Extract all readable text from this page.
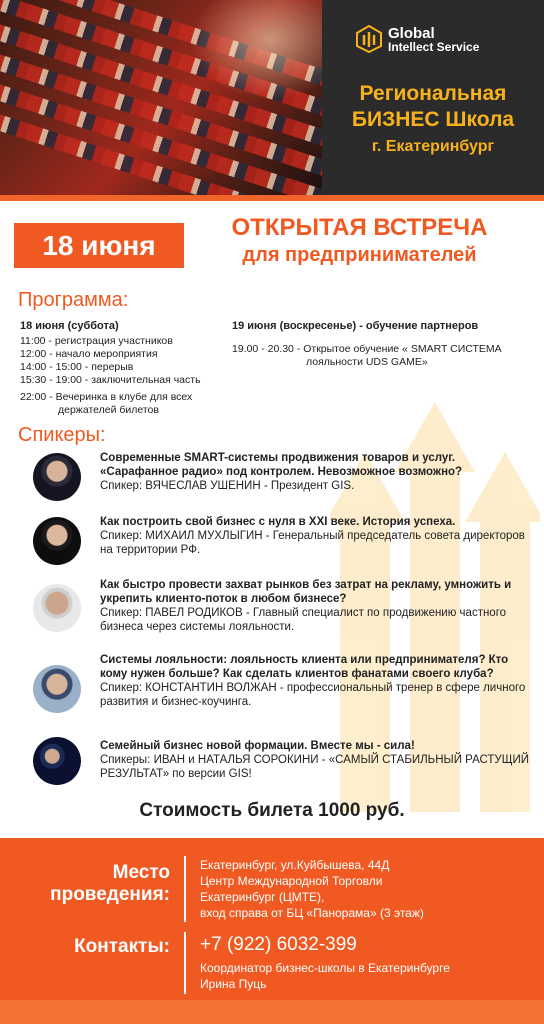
Global
Intellect Service
Региональная
БИЗНЕС Школа
г. Екатеринбург
18 июня
ОТКРЫТАЯ ВСТРЕЧА
для предпринимателей
Программа:
18 июня (суббота)
11:00 - регистрация участников
12:00 - начало мероприятия
14:00 - 15:00 - перерыв
15:30 - 19:00 - заключительная часть
22:00 - Вечеринка в клубе для всех держателей билетов
19 июня (воскресенье) - обучение партнеров
19.00 - 20.30 - Открытое обучение « SMART СИСТЕМА лояльности UDS GAME»
Спикеры:
Современные SMART-системы продвижения товаров и услуг. «Сарафанное радио» под контролем. Невозможное возможно?
Спикер: ВЯЧЕСЛАВ УШЕНИН - Президент GIS.
Как построить свой бизнес с нуля в XXI веке. История успеха.
Спикер: МИХАИЛ МУХЛЫГИН - Генеральный председатель совета директоров на территории РФ.
Как быстро провести захват рынков без затрат на рекламу, умножить и укрепить клиенто-поток в любом бизнесе?
Спикер: ПАВЕЛ РОДИКОВ - Главный специалист по продвижению частного бизнеса через системы лояльности.
Системы лояльности: лояльность клиента или предпринимателя? Кто кому нужен больше? Как сделать клиентов фанатами своего клуба?
Спикер: КОНСТАНТИН ВОЛЖАН - профессиональный тренер в сфере личного развития и бизнес-коучинга.
Семейный бизнес новой формации. Вместе мы - сила!
Спикеры: ИВАН и НАТАЛЬЯ СОРОКИНИ - «САМЫЙ СТАБИЛЬНЫЙ РАСТУЩИЙ РЕЗУЛЬТАТ» по версии GIS!
Стоимость билета 1000 руб.
Место
проведения:
Екатеринбург, ул.Куйбышева, 44Д
Центр Международной Торговли
Екатеринбург (ЦМТЕ),
вход справа от БЦ «Панорама» (3 этаж)
Контакты: +7 (922) 6032-399
Координатор бизнес-школы в Екатеринбурге
Ирина Пуць
